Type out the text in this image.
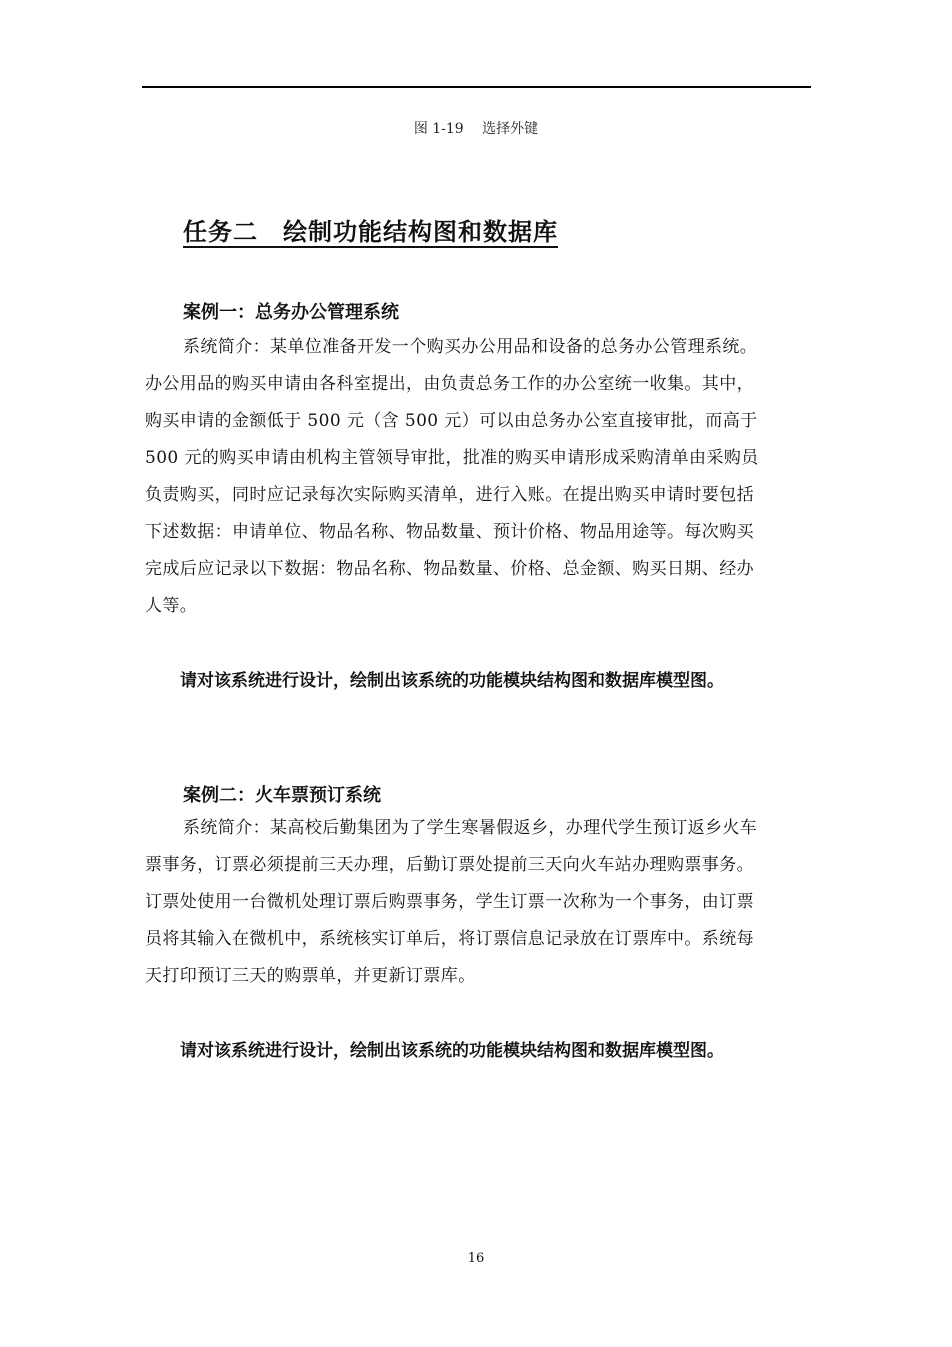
图 1-19　 选择外键
任务二　绘制功能结构图和数据库
案例一：总务办公管理系统
系统简介：某单位准备开发一个购买办公用品和设备的总务办公管理系统。
办公用品的购买申请由各科室提出，由负责总务工作的办公室统一收集。其中，
购买申请的金额低于 500 元（含 500 元）可以由总务办公室直接审批，而高于
500 元的购买申请由机构主管领导审批，批准的购买申请形成采购清单由采购员
负责购买，同时应记录每次实际购买清单，进行入账。在提出购买申请时要包括
下述数据：申请单位、物品名称、物品数量、预计价格、物品用途等。每次购买
完成后应记录以下数据：物品名称、物品数量、价格、总金额、购买日期、经办
人等。
请对该系统进行设计，绘制出该系统的功能模块结构图和数据库模型图。
案例二：火车票预订系统
系统简介：某高校后勤集团为了学生寒暑假返乡，办理代学生预订返乡火车
票事务，订票必须提前三天办理，后勤订票处提前三天向火车站办理购票事务。
订票处使用一台微机处理订票后购票事务，学生订票一次称为一个事务，由订票
员将其输入在微机中，系统核实订单后，将订票信息记录放在订票库中。系统每
天打印预订三天的购票单，并更新订票库。
请对该系统进行设计，绘制出该系统的功能模块结构图和数据库模型图。
16
